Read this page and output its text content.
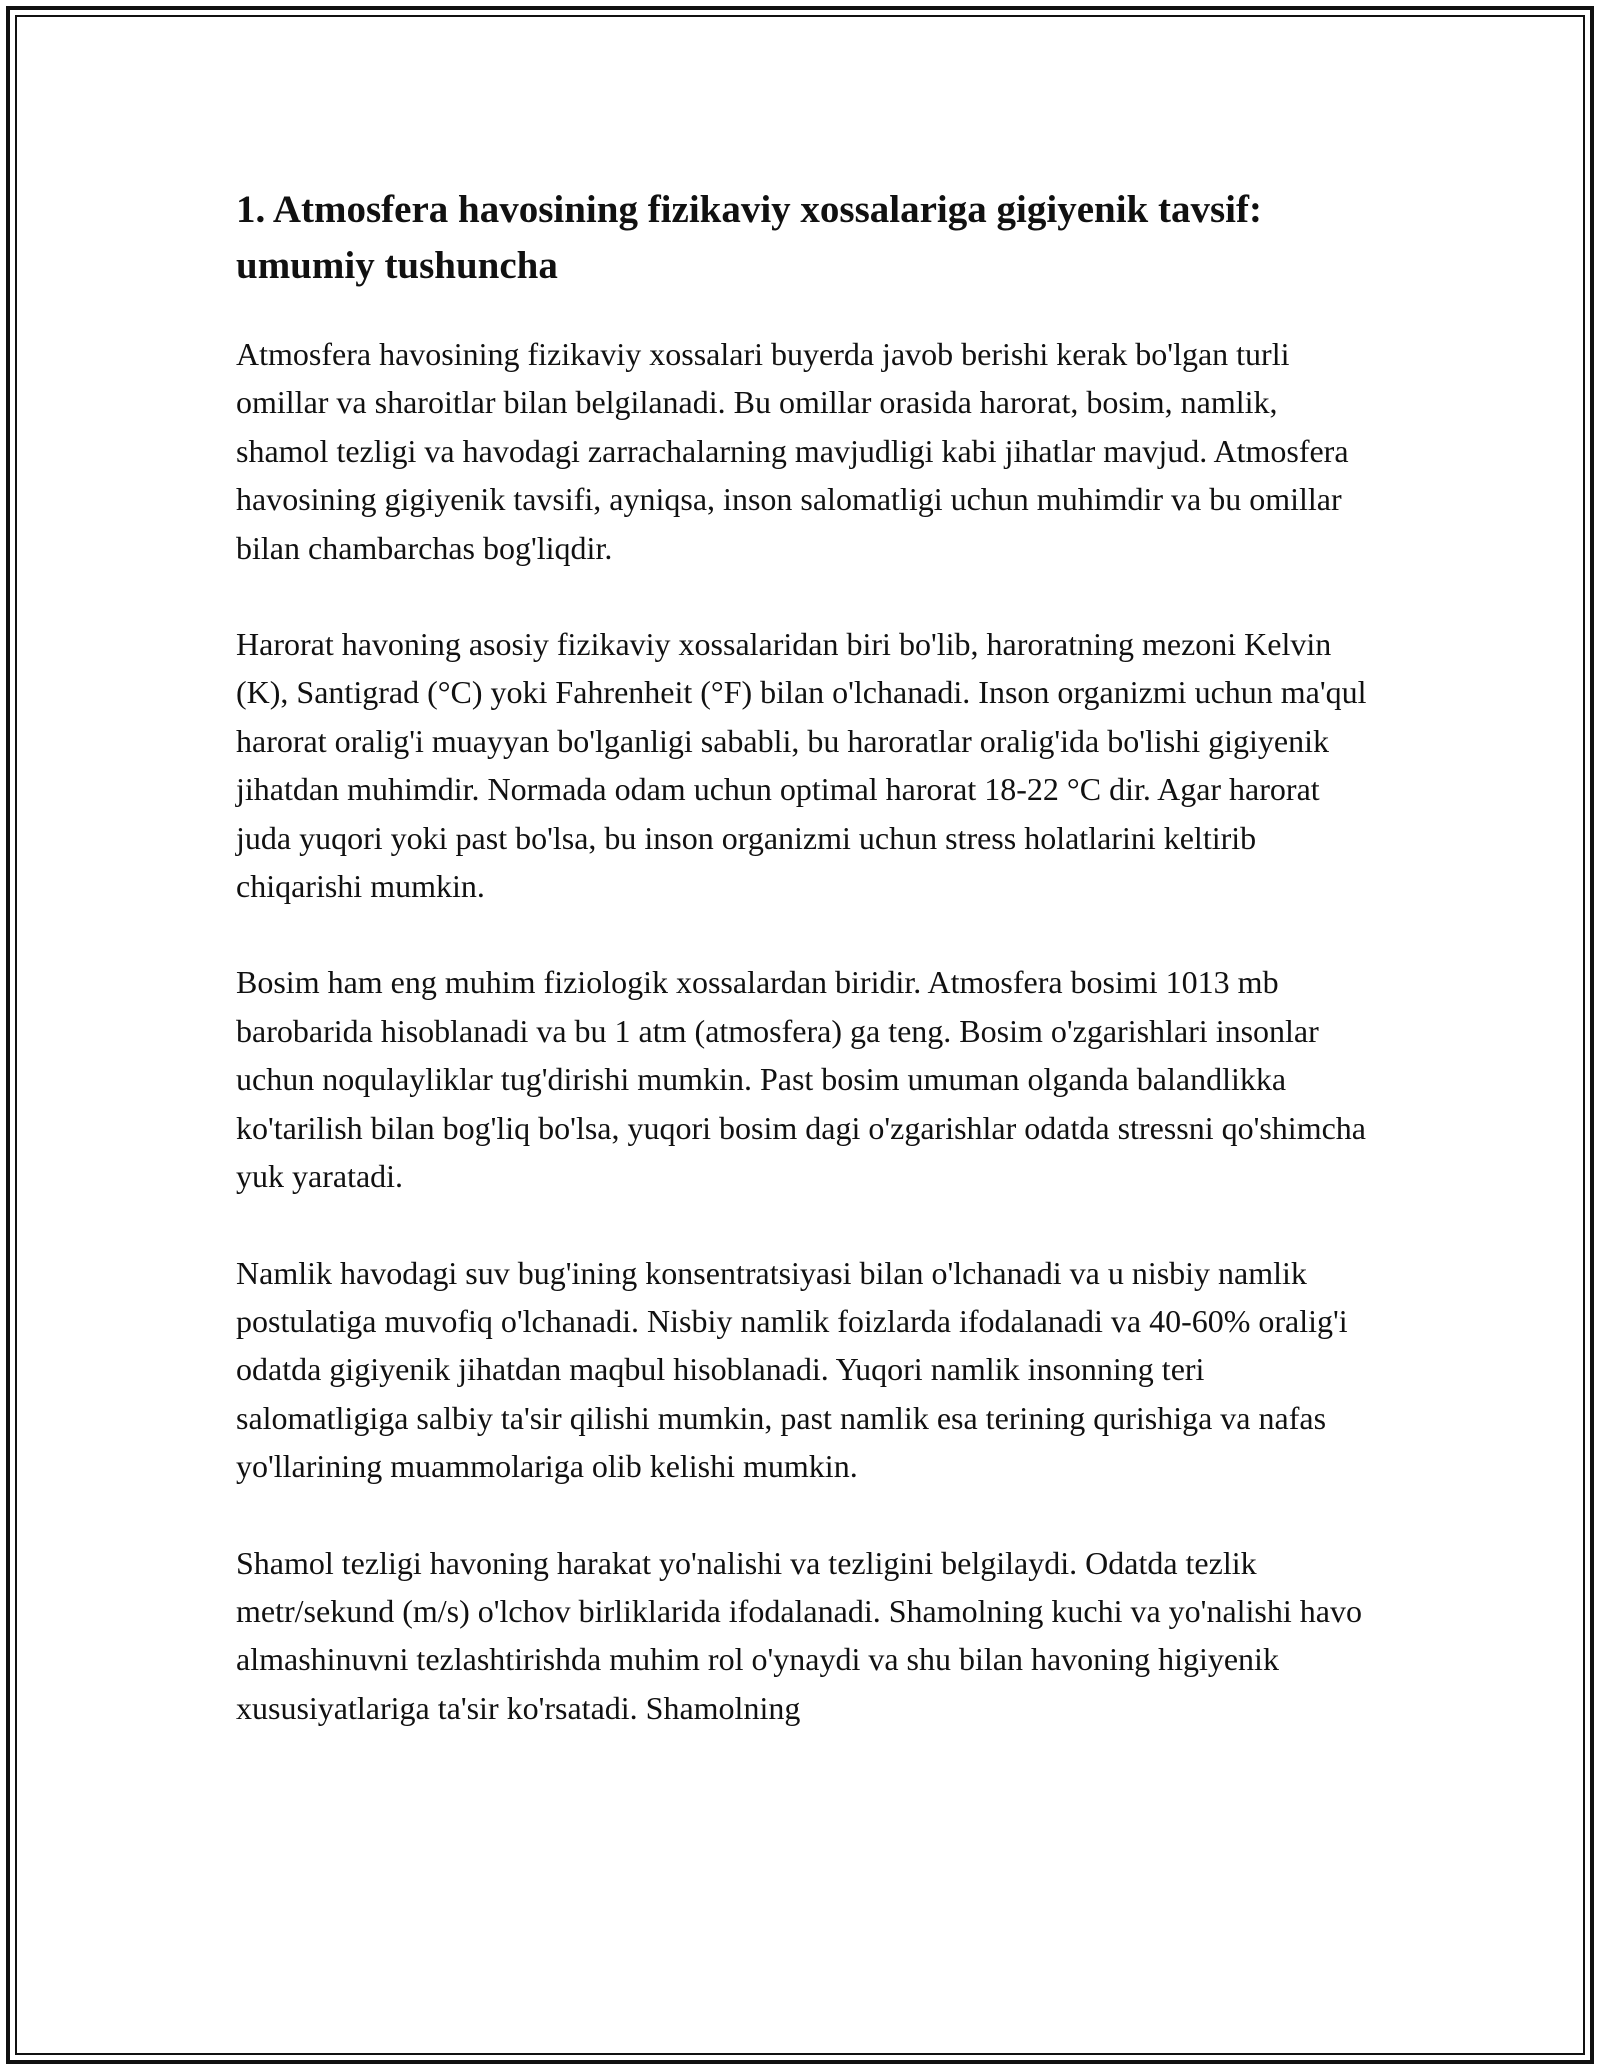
1. Atmosfera havosining fizikaviy xossalariga gigiyenik tavsif: umumiy tushuncha

Atmosfera havosining fizikaviy xossalari buyerda javob berishi kerak bo'lgan turli omillar va sharoitlar bilan belgilanadi. Bu omillar orasida harorat, bosim, namlik, shamol tezligi va havodagi zarrachalarning mavjudligi kabi jihatlar mavjud. Atmosfera havosining gigiyenik tavsifi, ayniqsa, inson salomatligi uchun muhimdir va bu omillar bilan chambarchas bog'liqdir.

Harorat havoning asosiy fizikaviy xossalaridan biri bo'lib, haroratning mezoni Kelvin (K), Santigrad (°C) yoki Fahrenheit (°F) bilan o'lchanadi. Inson organizmi uchun ma'qul harorat oralig'i muayyan bo'lganligi sababli, bu haroratlar oralig'ida bo'lishi gigiyenik jihatdan muhimdir. Normada odam uchun optimal harorat 18-22 °C dir. Agar harorat juda yuqori yoki past bo'lsa, bu inson organizmi uchun stress holatlarini keltirib chiqarishi mumkin.

Bosim ham eng muhim fiziologik xossalardan biridir. Atmosfera bosimi 1013 mb barobarida hisoblanadi va bu 1 atm (atmosfera) ga teng. Bosim o'zgarishlari insonlar uchun noqulayliklar tug'dirishi mumkin. Past bosim umuman olganda balandlikka ko'tarilish bilan bog'liq bo'lsa, yuqori bosim dagi o'zgarishlar odatda stressni qo'shimcha yuk yaratadi.

Namlik havodagi suv bug'ining konsentratsiyasi bilan o'lchanadi va u nisbiy namlik postulatiga muvofiq o'lchanadi. Nisbiy namlik foizlarda ifodalanadi va 40-60% oralig'i odatda gigiyenik jihatdan maqbul hisoblanadi. Yuqori namlik insonning teri salomatligiga salbiy ta'sir qilishi mumkin, past namlik esa terining qurishiga va nafas yo'llarining muammolariga olib kelishi mumkin.

Shamol tezligi havoning harakat yo'nalishi va tezligini belgilaydi. Odatda tezlik metr/sekund (m/s) o'lchov birliklarida ifodalanadi. Shamolning kuchi va yo'nalishi havo almashinuvni tezlashtirishda muhim rol o'ynaydi va shu bilan havoning higiyenik xususiyatlariga ta'sir ko'rsatadi. Shamolning
